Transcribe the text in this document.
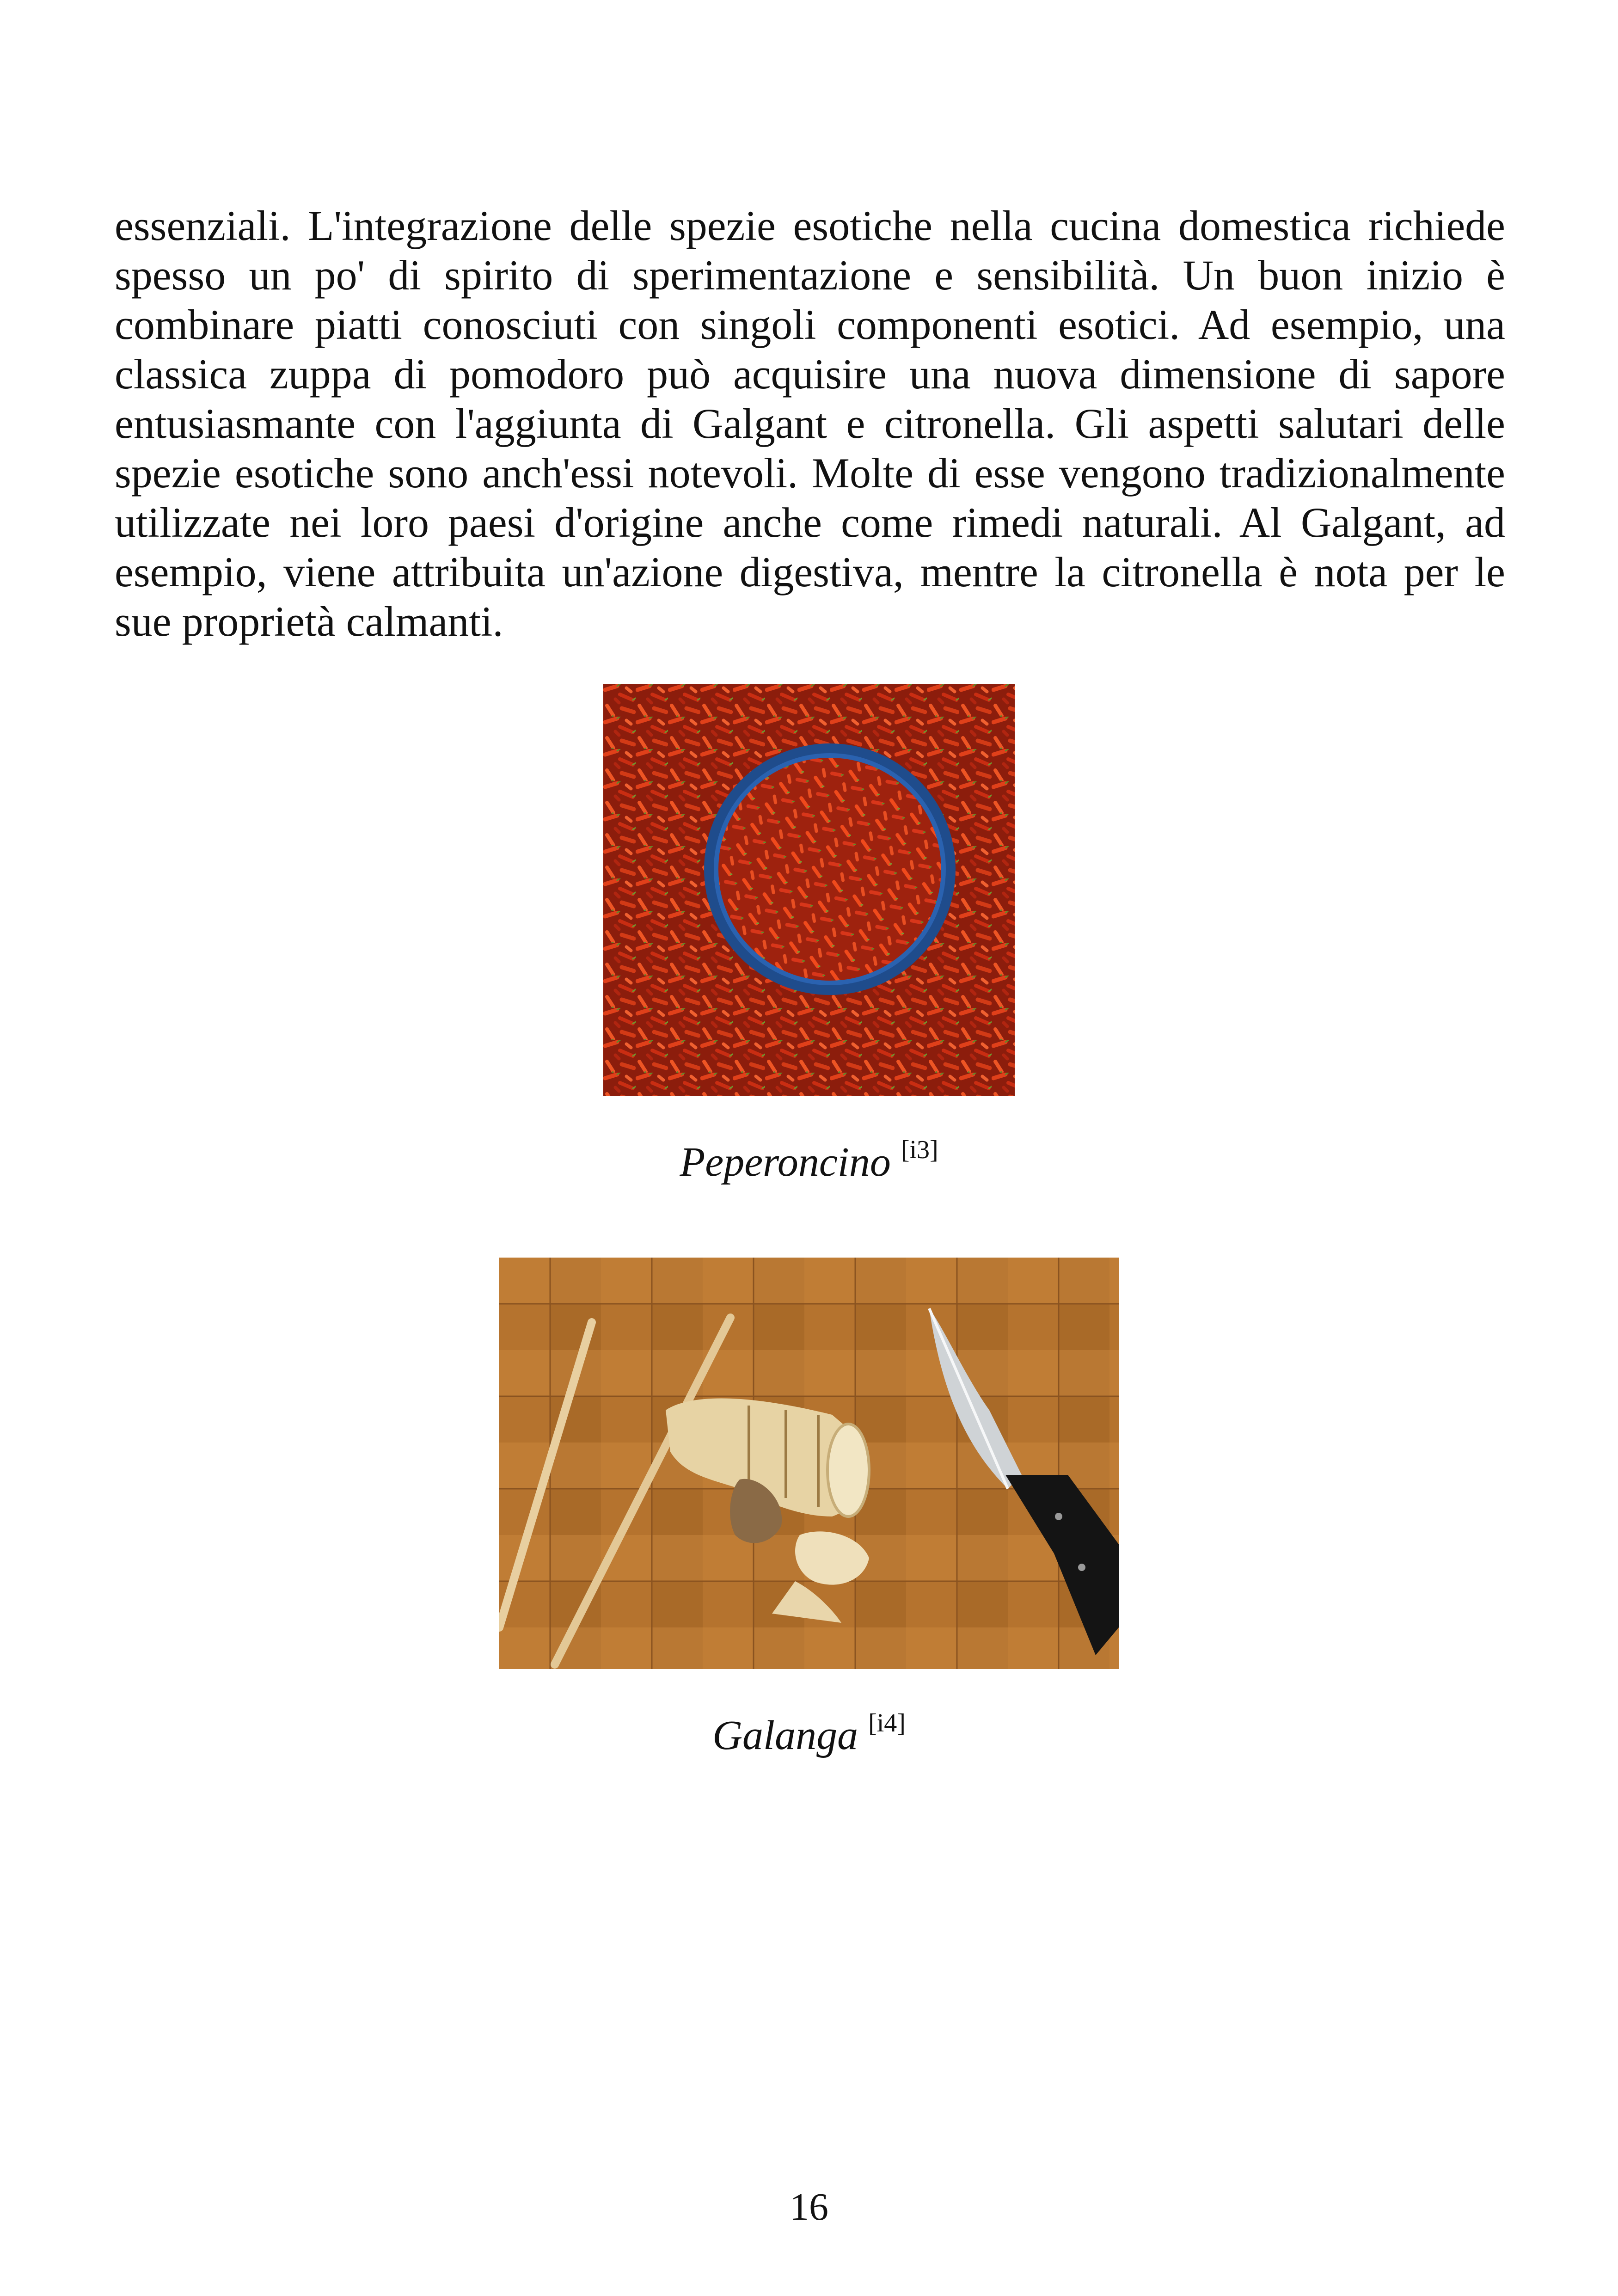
essenziali. L'integrazione delle spezie esotiche nella cucina domestica richiede spesso un po' di spirito di sperimentazione e sensibilità. Un buon inizio è combinare piatti conosciuti con singoli componenti esotici. Ad esempio, una classica zuppa di pomodoro può acquisire una nuova dimensione di sapore entusiasmante con l'aggiunta di Galgant e citronella. Gli aspetti salutari delle spezie esotiche sono anch'essi notevoli. Molte di esse vengono tradizionalmente utilizzate nei loro paesi d'origine anche come rimedi naturali. Al Galgant, ad esempio, viene attribuita un'azione digestiva, mentre la citronella è nota per le sue proprietà calmanti.

Peperoncino [i3]
Galanga [i4]
16
